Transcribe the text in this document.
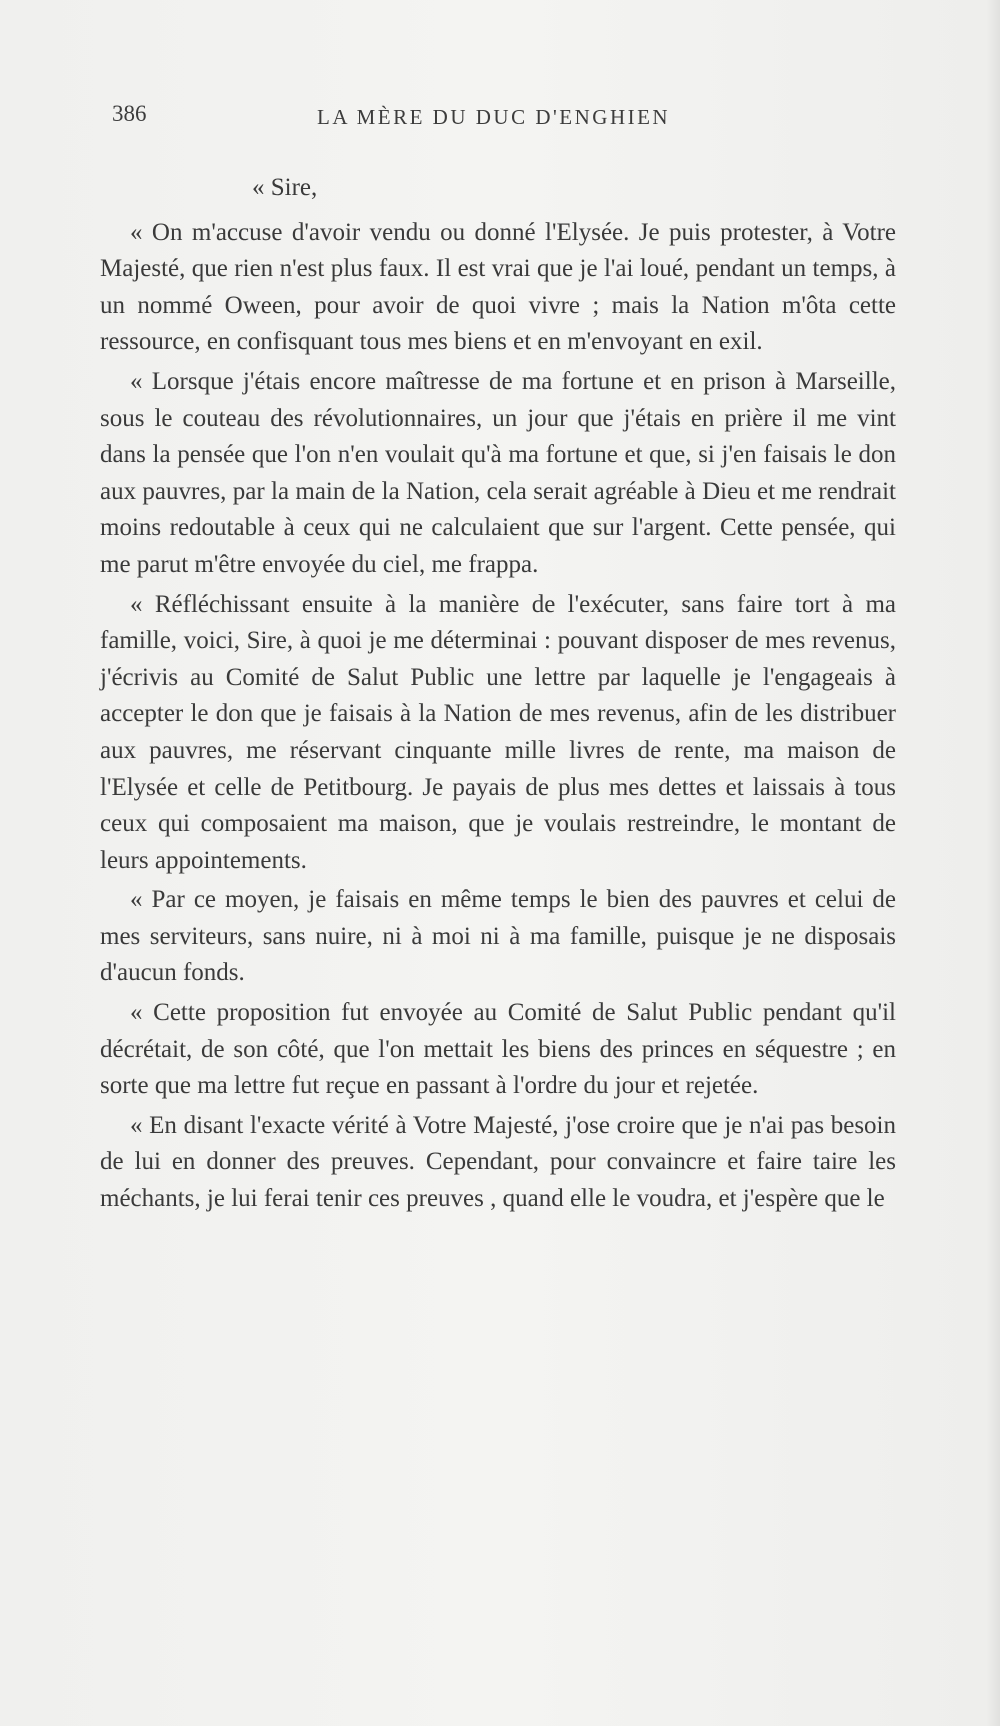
386	LA MÈRE DU DUC D'ENGHIEN
« Sire,

« On m'accuse d'avoir vendu ou donné l'Elysée. Je puis protester, à Votre Majesté, que rien n'est plus faux. Il est vrai que je l'ai loué, pendant un temps, à un nommé Oween, pour avoir de quoi vivre ; mais la Nation m'ôta cette ressource, en confisquant tous mes biens et en m'envoyant en exil.

« Lorsque j'étais encore maîtresse de ma fortune et en prison à Marseille, sous le couteau des révolutionnaires, un jour que j'étais en prière il me vint dans la pensée que l'on n'en voulait qu'à ma fortune et que, si j'en faisais le don aux pauvres, par la main de la Nation, cela serait agréable à Dieu et me rendrait moins redoutable à ceux qui ne calculaient que sur l'argent. Cette pensée, qui me parut m'être envoyée du ciel, me frappa.

« Réfléchissant ensuite à la manière de l'exécuter, sans faire tort à ma famille, voici, Sire, à quoi je me déterminai : pouvant disposer de mes revenus, j'écrivis au Comité de Salut Public une lettre par laquelle je l'engageais à accepter le don que je faisais à la Nation de mes revenus, afin de les distribuer aux pauvres, me réservant cinquante mille livres de rente, ma maison de l'Elysée et celle de Petitbourg. Je payais de plus mes dettes et laissais à tous ceux qui composaient ma maison, que je voulais restreindre, le montant de leurs appointements.

« Par ce moyen, je faisais en même temps le bien des pauvres et celui de mes serviteurs, sans nuire, ni à moi ni à ma famille, puisque je ne disposais d'aucun fonds.

« Cette proposition fut envoyée au Comité de Salut Public pendant qu'il décrétait, de son côté, que l'on mettait les biens des princes en séquestre ; en sorte que ma lettre fut reçue en passant à l'ordre du jour et rejetée.

« En disant l'exacte vérité à Votre Majesté, j'ose croire que je n'ai pas besoin de lui en donner des preuves. Cependant, pour convaincre et faire taire les méchants, je lui ferai tenir ces preuves , quand elle le voudra, et j'espère que le
